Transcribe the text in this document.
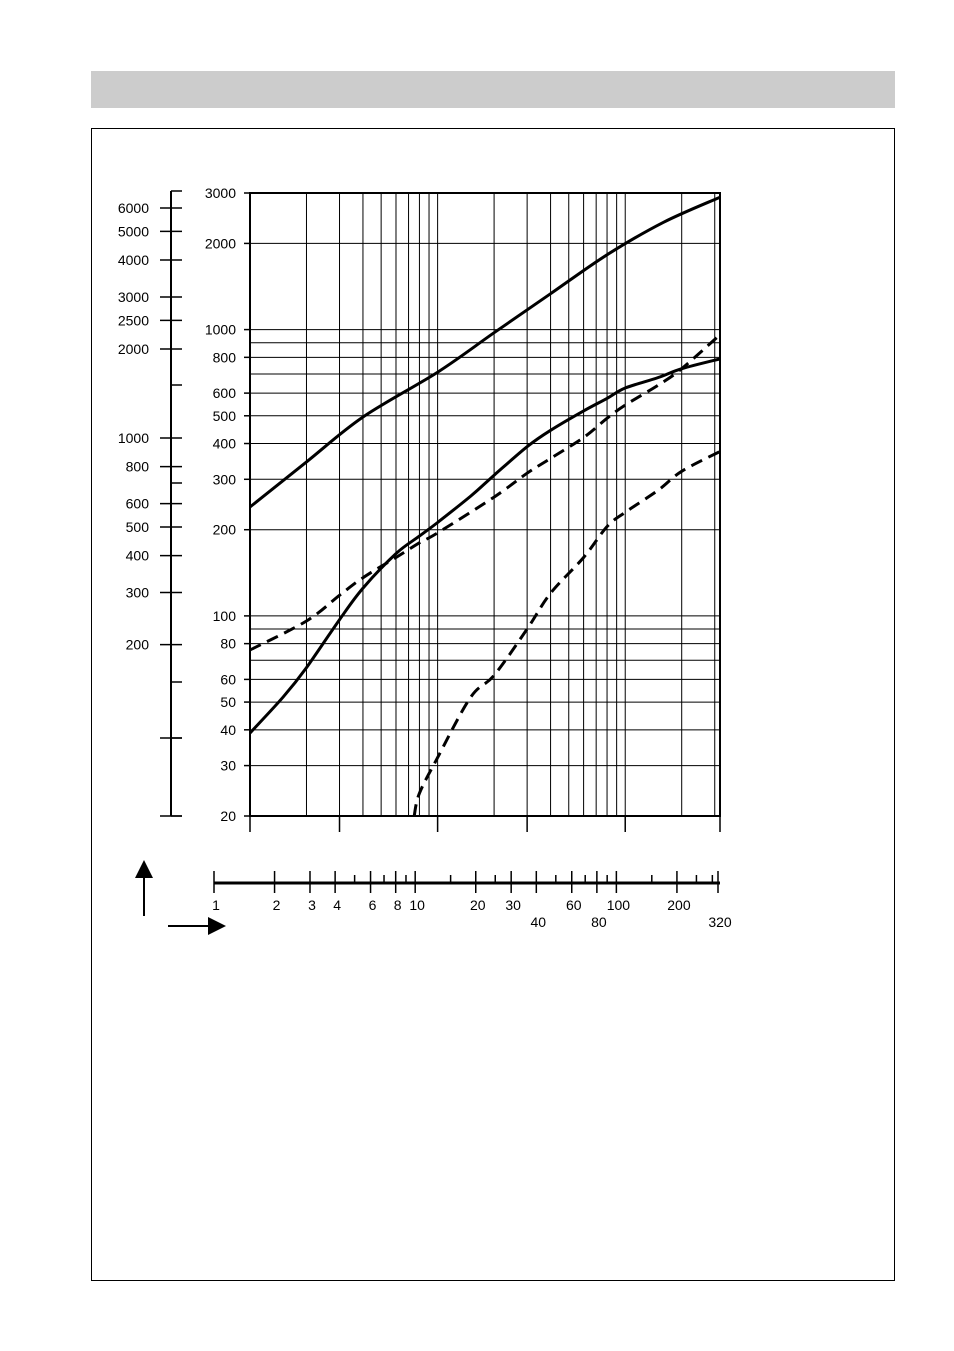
20
30
40
50
60
80
100
200
300
400
500
600
800
1000
2000
3000
200
300
400
500
600
800
1000
2000
2500
3000
4000
5000
6000
1	2 3 4 6 8 10	20 30
40
60
80
100	200
320
